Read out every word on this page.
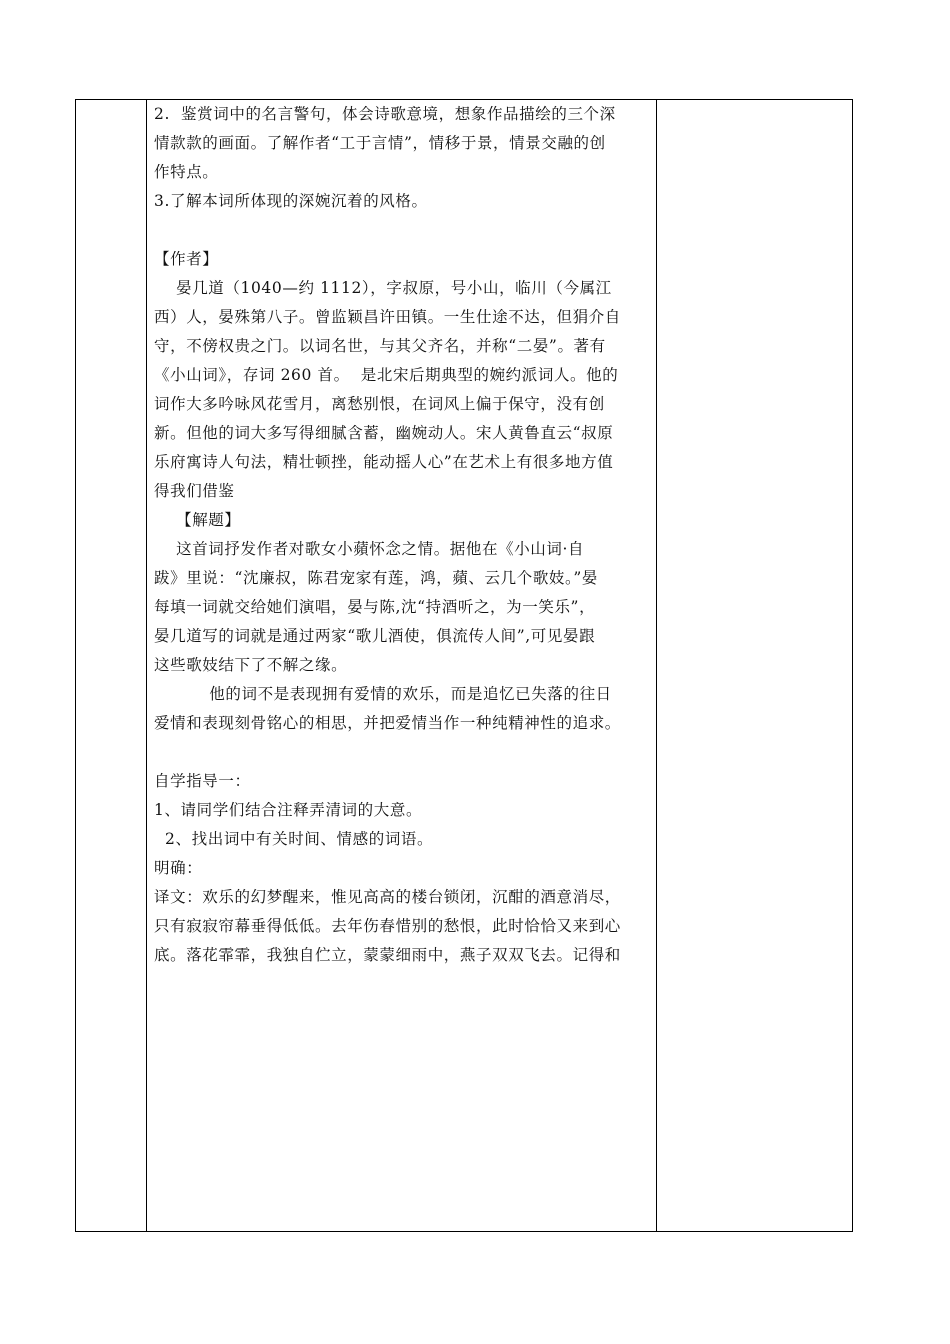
2.  鉴赏词中的名言警句，体会诗歌意境，想象作品描绘的三个深

情款款的画面。了解作者“工于言情”，情移于景，情景交融的创

作特点。

3.了解本词所体现的深婉沉着的风格。

【作者】

晏几道（1040—约 1112），字叔原，号小山，临川（今属江

西）人，晏殊第八子。曾监颖昌许田镇。一生仕途不达，但狷介自

守，不傍权贵之门。以词名世，与其父齐名，并称“二晏”。著有

《小山词》，存词 260 首。  是北宋后期典型的婉约派词人。他的

词作大多吟咏风花雪月，离愁别恨，在词风上偏于保守，没有创

新。但他的词大多写得细腻含蓄，幽婉动人。宋人黄鲁直云“叔原

乐府寓诗人句法，精壮顿挫，能动摇人心”在艺术上有很多地方值

得我们借鉴

【解题】

这首词抒发作者对歌女小蘋怀念之情。据他在《小山词·自

跋》里说：“沈廉叔，陈君宠家有莲，鸿，蘋、云几个歌妓。”晏

每填一词就交给她们演唱，晏与陈,沈“持酒听之，为一笑乐”，

晏几道写的词就是通过两家“歌儿酒使，俱流传人间”,可见晏跟

这些歌妓结下了不解之缘。

他的词不是表现拥有爱情的欢乐，而是追忆已失落的往日

爱情和表现刻骨铭心的相思，并把爱情当作一种纯精神性的追求。

自学指导一：

1、请同学们结合注释弄清词的大意。

2、找出词中有关时间、情感的词语。

明确：

译文：欢乐的幻梦醒来，惟见高高的楼台锁闭，沉酣的酒意消尽，

只有寂寂帘幕垂得低低。去年伤春惜别的愁恨，此时恰恰又来到心

底。落花霏霏，我独自伫立，蒙蒙细雨中，燕子双双飞去。记得和
